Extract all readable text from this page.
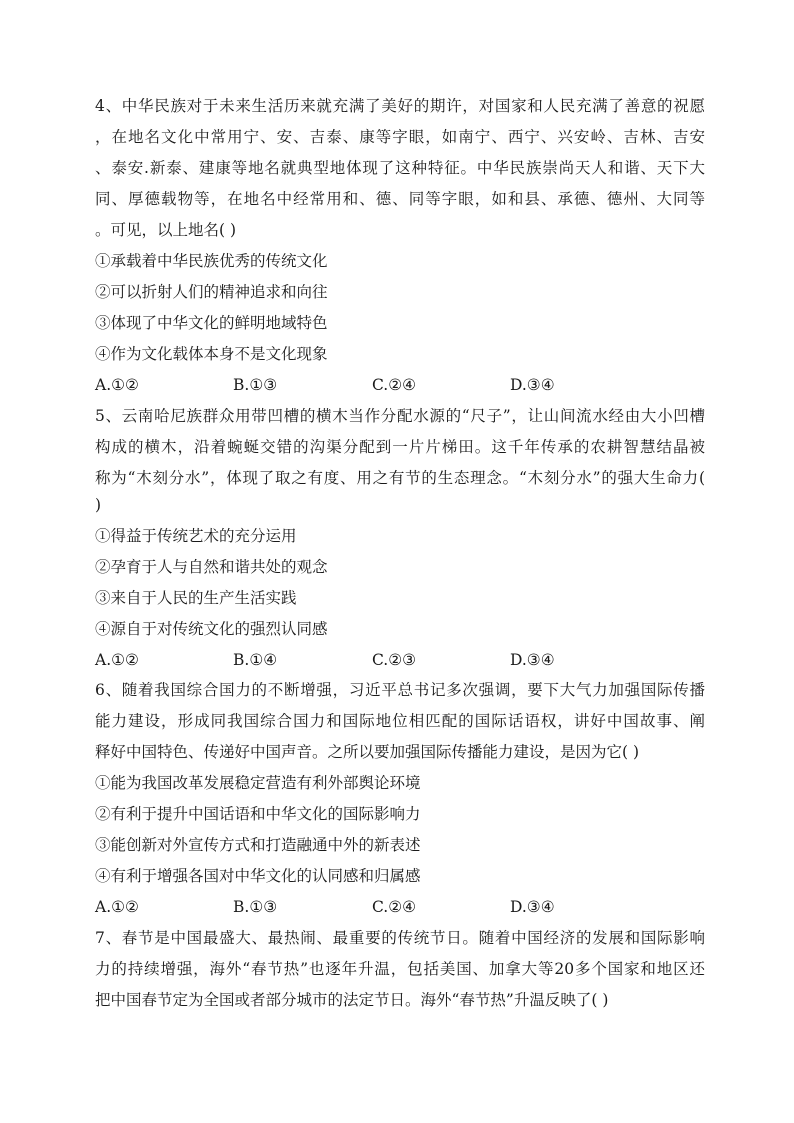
4、中华民族对于未来生活历来就充满了美好的期许，对国家和人民充满了善意的祝愿
，在地名文化中常用宁、安、吉泰、康等字眼，如南宁、西宁、兴安岭、吉林、吉安
、泰安.新泰、建康等地名就典型地体现了这种特征。中华民族崇尚天人和谐、天下大
同、厚德载物等，在地名中经常用和、德、同等字眼，如和县、承德、德州、大同等
。可见，以上地名( )
①承载着中华民族优秀的传统文化
②可以折射人们的精神追求和向往
③体现了中华文化的鲜明地域特色
④作为文化载体本身不是文化现象
A.①②	B.①③	C.②④	D.③④
5、云南哈尼族群众用带凹槽的横木当作分配水源的“尺子”，让山间流水经由大小凹槽
构成的横木，沿着蜿蜒交错的沟渠分配到一片片梯田。这千年传承的农耕智慧结晶被
称为“木刻分水”，体现了取之有度、用之有节的生态理念。“木刻分水”的强大生命力(
)
①得益于传统艺术的充分运用
②孕育于人与自然和谐共处的观念
③来自于人民的生产生活实践
④源自于对传统文化的强烈认同感
A.①②	B.①④	C.②③	D.③④
6、随着我国综合国力的不断增强，习近平总书记多次强调，要下大气力加强国际传播
能力建设，形成同我国综合国力和国际地位相匹配的国际话语权，讲好中国故事、阐
释好中国特色、传递好中国声音。之所以要加强国际传播能力建设，是因为它( )
①能为我国改革发展稳定营造有利外部舆论环境
②有利于提升中国话语和中华文化的国际影响力
③能创新对外宣传方式和打造融通中外的新表述
④有利于增强各国对中华文化的认同感和归属感
A.①②	B.①③	C.②④	D.③④
7、春节是中国最盛大、最热闹、最重要的传统节日。随着中国经济的发展和国际影响
力的持续增强，海外“春节热”也逐年升温，包括美国、加拿大等20多个国家和地区还
把中国春节定为全国或者部分城市的法定节日。海外“春节热”升温反映了( )
